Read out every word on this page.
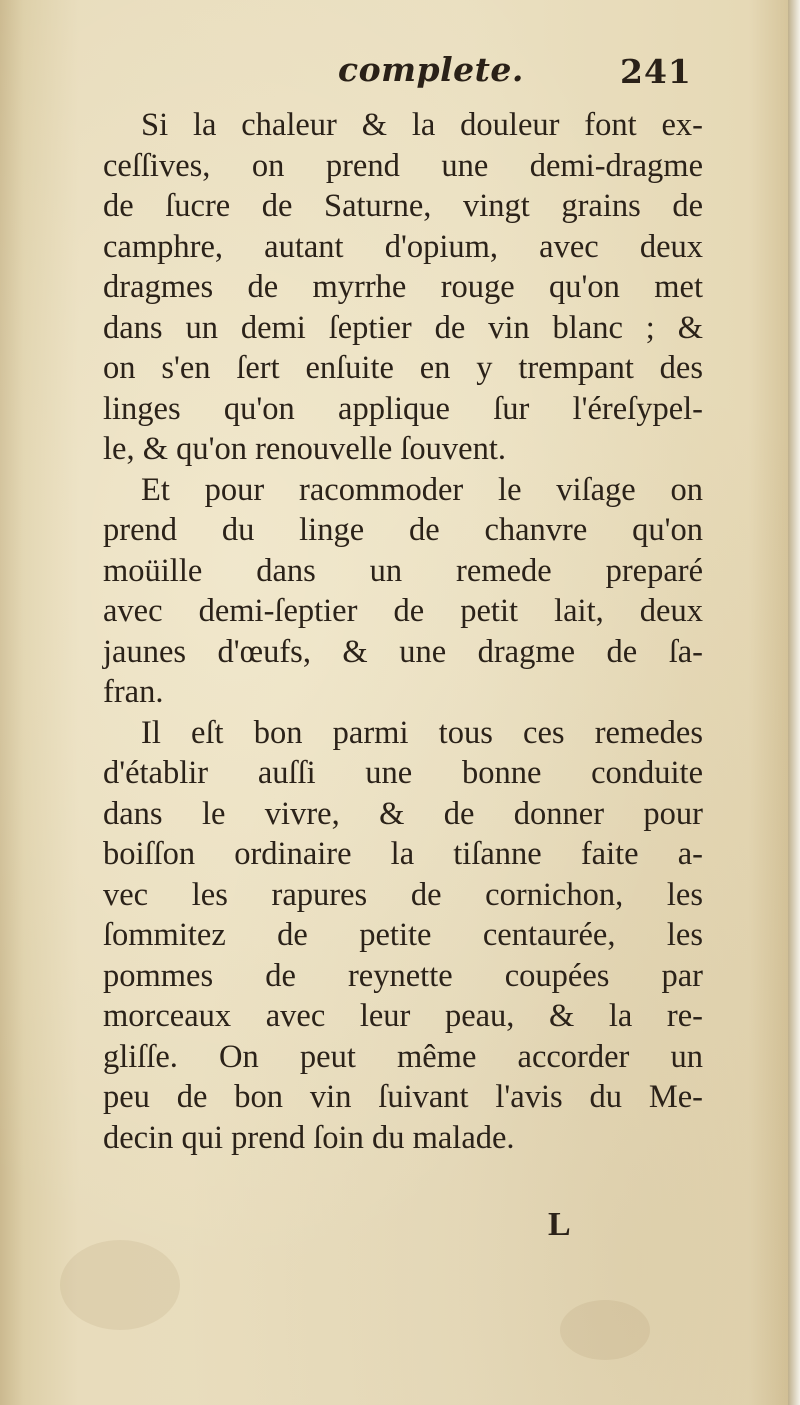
complete.	241
Si la chaleur & la douleur font ex-
ceſſives, on prend une demi-dragme
de ſucre de Saturne, vingt grains de
camphre, autant d'opium, avec deux
dragmes de myrrhe rouge qu'on met
dans un demi ſeptier de vin blanc ; &
on s'en ſert enſuite en y trempant des
linges qu'on applique ſur l'éreſypel-
le, & qu'on renouvelle ſouvent.
Et pour racommoder le viſage on
prend du linge de chanvre qu'on
moüille dans un remede preparé
avec demi-ſeptier de petit lait, deux
jaunes d'œufs, & une dragme de ſa-
fran.
Il eſt bon parmi tous ces remedes
d'établir auſſi une bonne conduite
dans le vivre, & de donner pour
boiſſon ordinaire la tiſanne faite a-
vec les rapures de cornichon, les
ſommitez de petite centaurée, les
pommes de reynette coupées par
morceaux avec leur peau, & la re-
gliſſe. On peut même accorder un
peu de bon vin ſuivant l'avis du Me-
decin qui prend ſoin du malade.
L
